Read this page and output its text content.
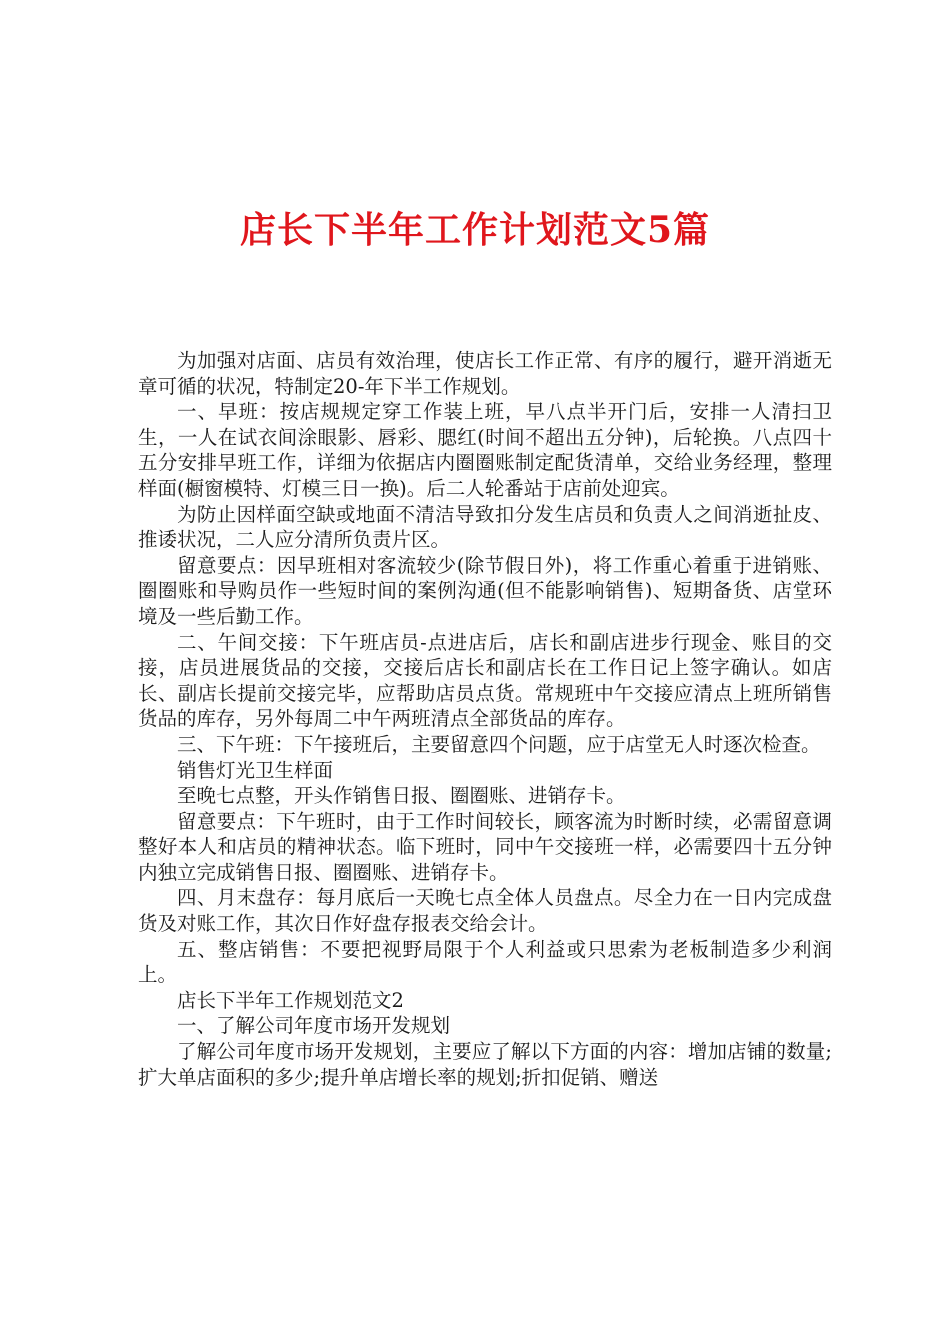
店长下半年工作计划范文5篇

为加强对店面、店员有效治理，使店长工作正常、有序的履行，避开消逝无章可循的状况，特制定20-年下半工作规划。

一、早班：按店规规定穿工作装上班，早八点半开门后，安排一人清扫卫生，一人在试衣间涂眼影、唇彩、腮红(时间不超出五分钟)，后轮换。八点四十五分安排早班工作，详细为依据店内圈圈账制定配货清单，交给业务经理，整理样面(橱窗模特、灯模三日一换)。后二人轮番站于店前处迎宾。

为防止因样面空缺或地面不清洁导致扣分发生店员和负责人之间消逝扯皮、推诿状况，二人应分清所负责片区。

留意要点：因早班相对客流较少(除节假日外)，将工作重心着重于进销账、圈圈账和导购员作一些短时间的案例沟通(但不能影响销售)、短期备货、店堂环境及一些后勤工作。

二、午间交接：下午班店员-点进店后，店长和副店进步行现金、账目的交接，店员进展货品的交接，交接后店长和副店长在工作日记上签字确认。如店长、副店长提前交接完毕，应帮助店员点货。常规班中午交接应清点上班所销售货品的库存，另外每周二中午两班清点全部货品的库存。

三、下午班：下午接班后，主要留意四个问题，应于店堂无人时逐次检查。

销售灯光卫生样面

至晚七点整，开头作销售日报、圈圈账、进销存卡。

留意要点：下午班时，由于工作时间较长，顾客流为时断时续，必需留意调整好本人和店员的精神状态。临下班时，同中午交接班一样，必需要四十五分钟内独立完成销售日报、圈圈账、进销存卡。

四、月末盘存：每月底后一天晚七点全体人员盘点。尽全力在一日内完成盘货及对账工作，其次日作好盘存报表交给会计。

五、整店销售：不要把视野局限于个人利益或只思索为老板制造多少利润上。

店长下半年工作规划范文2

一、了解公司年度市场开发规划

了解公司年度市场开发规划，主要应了解以下方面的内容：增加店铺的数量;扩大单店面积的多少;提升单店增长率的规划;折扣促销、赠送
